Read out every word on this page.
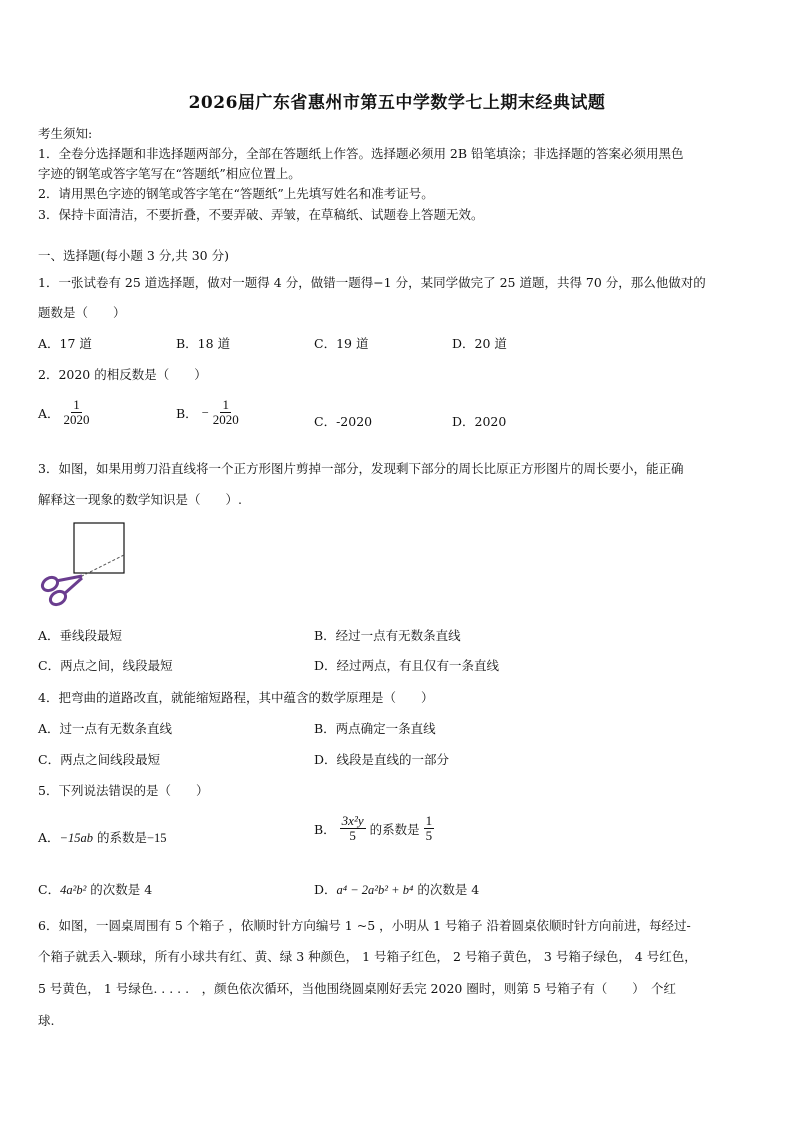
2026届广东省惠州市第五中学数学七上期末经典试题
考生须知:
1．全卷分选择题和非选择题两部分，全部在答题纸上作答。选择题必须用 2B 铅笔填涂；非选择题的答案必须用黑色
字迹的钢笔或答字笔写在“答题纸”相应位置上。
2．请用黑色字迹的钢笔或答字笔在“答题纸”上先填写姓名和准考证号。
3．保持卡面清洁，不要折叠，不要弄破、弄皱，在草稿纸、试题卷上答题无效。
一、选择题(每小题 3 分,共 30 分)
1．一张试卷有 25 道选择题，做对一题得 4 分，做错一题得−1 分，某同学做完了 25 道题，共得 70 分，那么他做对的
题数是（　　）
A．17 道	B．18 道	C．19 道	D．20 道
2．2020 的相反数是（　　）
A． $\frac{1}{2020}$	B． − $\frac{1}{2020}$	C．-2020	D．2020
3．如图，如果用剪刀沿直线将一个正方形图片剪掉一部分，发现剩下部分的周长比原正方形图片的周长要小，能正确
解释这一现象的数学知识是（　　）.
A．垂线段最短	B．经过一点有无数条直线
C．两点之间，线段最短	D．经过两点，有且仅有一条直线
4．把弯曲的道路改直，就能缩短路程，其中蕴含的数学原理是（　　）
A．过一点有无数条直线	B．两点确定一条直线
C．两点之间线段最短	D．线段是直线的一部分
5．下列说法错误的是（　　）
A．−15ab 的系数是−15
B． $\frac{\text{3x²y}}{5}$ 的系数是 $\frac{1}{5}$
C．4a²b² 的次数是 4	D．a⁴ − 2a²b² + b⁴ 的次数是 4
6．如图，一圆桌周围有 5 个箱子 ，依顺时针方向编号 1 ~5 ，小明从 1 号箱子 沿着圆桌依顺时针方向前进，每经过-
个箱子就丢入-颗球，所有小球共有红、黄、绿 3 种颜色， 1 号箱子红色， 2 号箱子黄色， 3 号箱子绿色， 4 号红色，
5 号黄色， 1 号绿色. . . . .　，颜色依次循环，当他围绕圆桌刚好丢完 2020 圈时，则第 5 号箱子有（　　）　个红
球.
